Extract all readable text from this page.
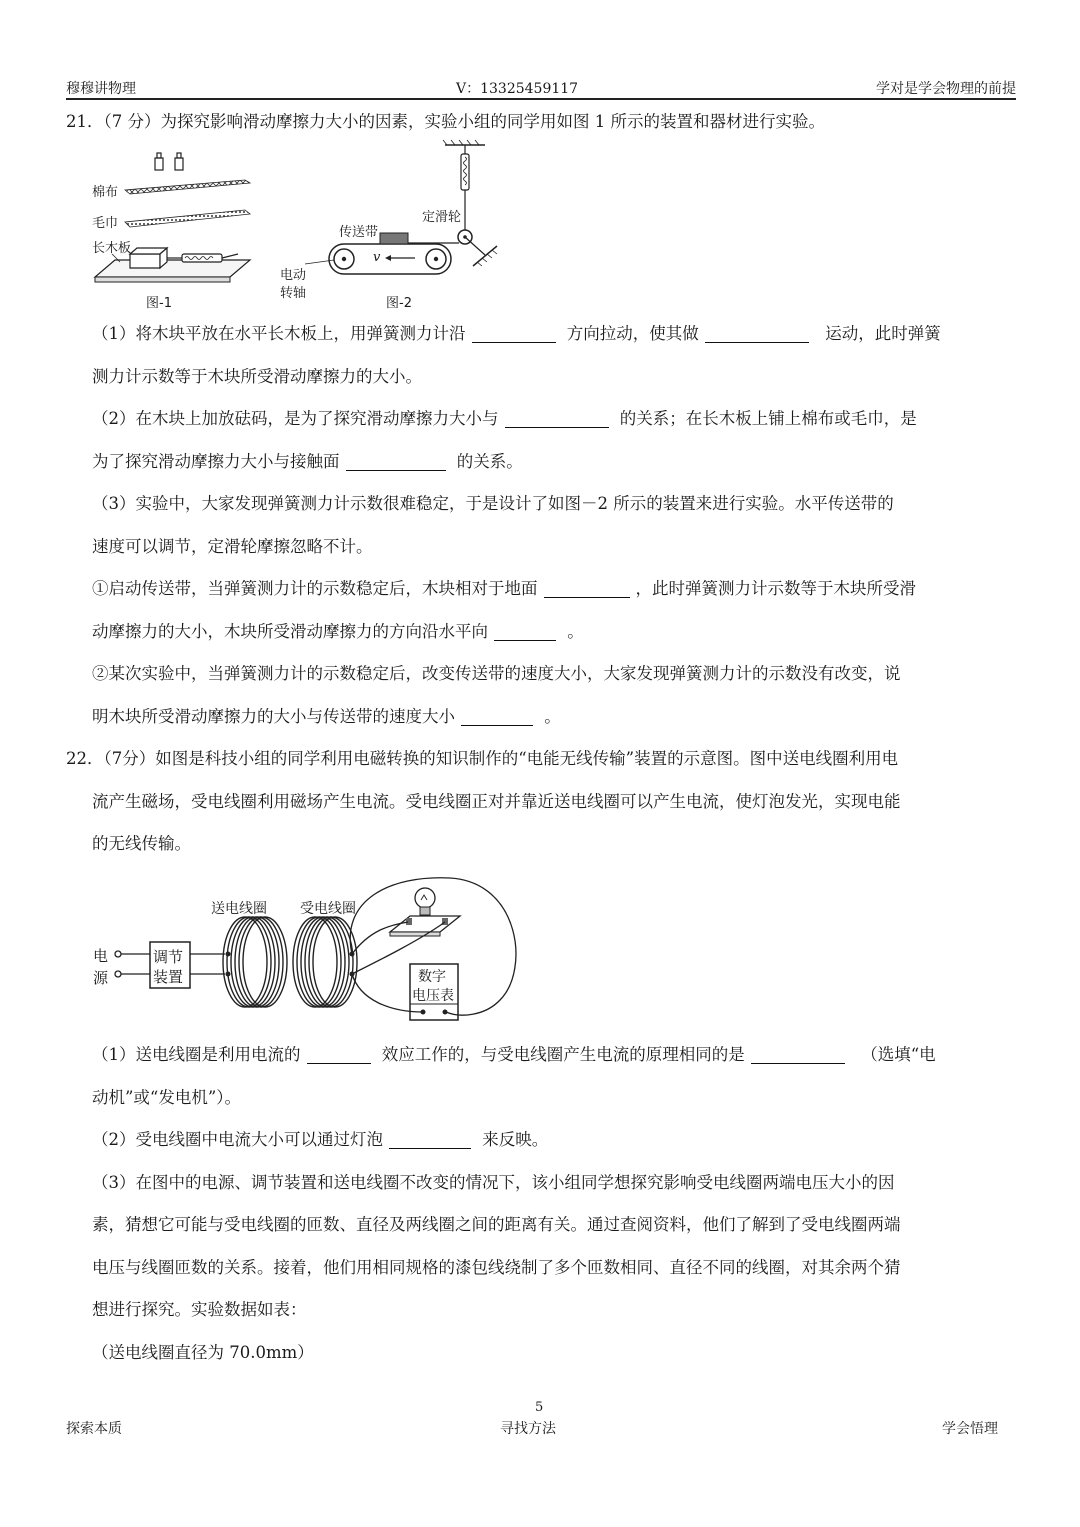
穆穆讲物理	V：13325459117	学对是学会物理的前提
21．（7 分）为探究影响滑动摩擦力大小的因素，实验小组的同学用如图 1 所示的装置和器材进行实验。
棉布
毛巾
长木板
图-1
传送带
定滑轮
v
电动
转轴
图-2
（1）将木块平放在水平长木板上，用弹簧测力计沿	方向拉动，使其做	运动，此时弹簧
测力计示数等于木块所受滑动摩擦力的大小。
（2）在木块上加放砝码，是为了探究滑动摩擦力大小与	的关系；在长木板上铺上棉布或毛巾，是
为了探究滑动摩擦力大小与接触面	的关系。
（3）实验中，大家发现弹簧测力计示数很难稳定，于是设计了如图－2 所示的装置来进行实验。水平传送带的
速度可以调节，定滑轮摩擦忽略不计。
①启动传送带，当弹簧测力计的示数稳定后，木块相对于地面	，此时弹簧测力计示数等于木块所受滑
动摩擦力的大小，木块所受滑动摩擦力的方向沿水平向	。
②某次实验中，当弹簧测力计的示数稳定后，改变传送带的速度大小，大家发现弹簧测力计的示数没有改变，说
明木块所受滑动摩擦力的大小与传送带的速度大小	。
22．（7分）如图是科技小组的同学利用电磁转换的知识制作的“电能无线传输”装置的示意图。图中送电线圈利用电
流产生磁场，受电线圈利用磁场产生电流。受电线圈正对并靠近送电线圈可以产生电流，使灯泡发光，实现电能
的无线传输。
送电线圈 受电线圈
电
源
调节
装置	数字
电压表
（1）送电线圈是利用电流的	效应工作的，与受电线圈产生电流的原理相同的是	（选填“电
动机”或“发电机”）。
（2）受电线圈中电流大小可以通过灯泡	来反映。
（3）在图中的电源、调节装置和送电线圈不改变的情况下，该小组同学想探究影响受电线圈两端电压大小的因
素，猜想它可能与受电线圈的匝数、直径及两线圈之间的距离有关。通过查阅资料，他们了解到了受电线圈两端
电压与线圈匝数的关系。接着，他们用相同规格的漆包线绕制了多个匝数相同、直径不同的线圈，对其余两个猜
想进行探究。实验数据如表：
（送电线圈直径为 70.0mm）
5
探索本质	寻找方法	学会悟理
